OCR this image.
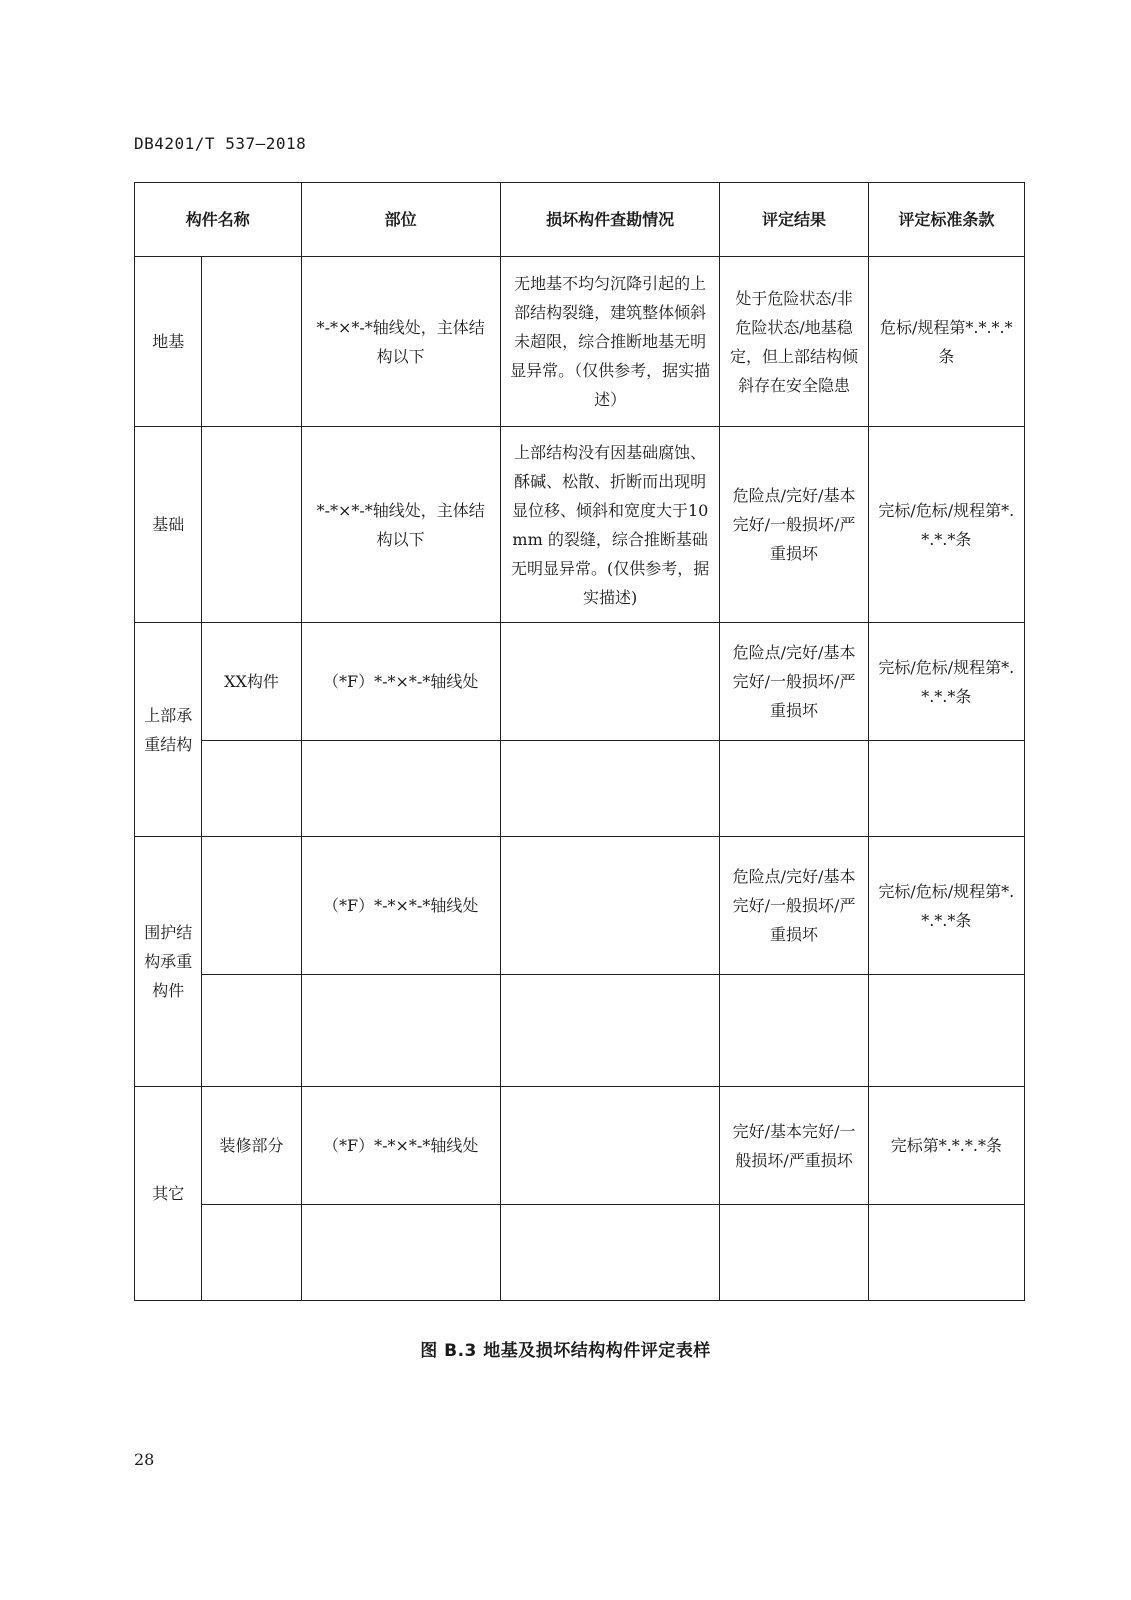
DB4201/T 537—2018
构件名称		部位	损坏构件查勘情况	评定结果	评定标准条款
地基		*-*×*-*轴线处，主体结构以下	无地基不均匀沉降引起的上部结构裂缝，建筑整体倾斜未超限，综合推断地基无明显异常。（仅供参考，据实描述）	处于危险状态/非危险状态/地基稳定，但上部结构倾斜存在安全隐患	危标/规程第*.*.*.*条
基础		*-*×*-*轴线处，主体结构以下	上部结构没有因基础腐蚀、酥碱、松散、折断而出现明显位移、倾斜和宽度大于10mm 的裂缝，综合推断基础无明显异常。(仅供参考，据实描述)	危险点/完好/基本完好/一般损坏/严重损坏	完标/危标/规程第*.*.*.*条
上部承重结构	XX构件	（*F）*-*×*-*轴线处		危险点/完好/基本完好/一般损坏/严重损坏	完标/危标/规程第*.*.*.*条

围护结构承重构件		（*F）*-*×*-*轴线处		危险点/完好/基本完好/一般损坏/严重损坏	完标/危标/规程第*.*.*.*条

其它	装修部分	（*F）*-*×*-*轴线处		完好/基本完好/一般损坏/严重损坏	完标第*.*.*.*条

图 B.3 地基及损坏结构构件评定表样
28
